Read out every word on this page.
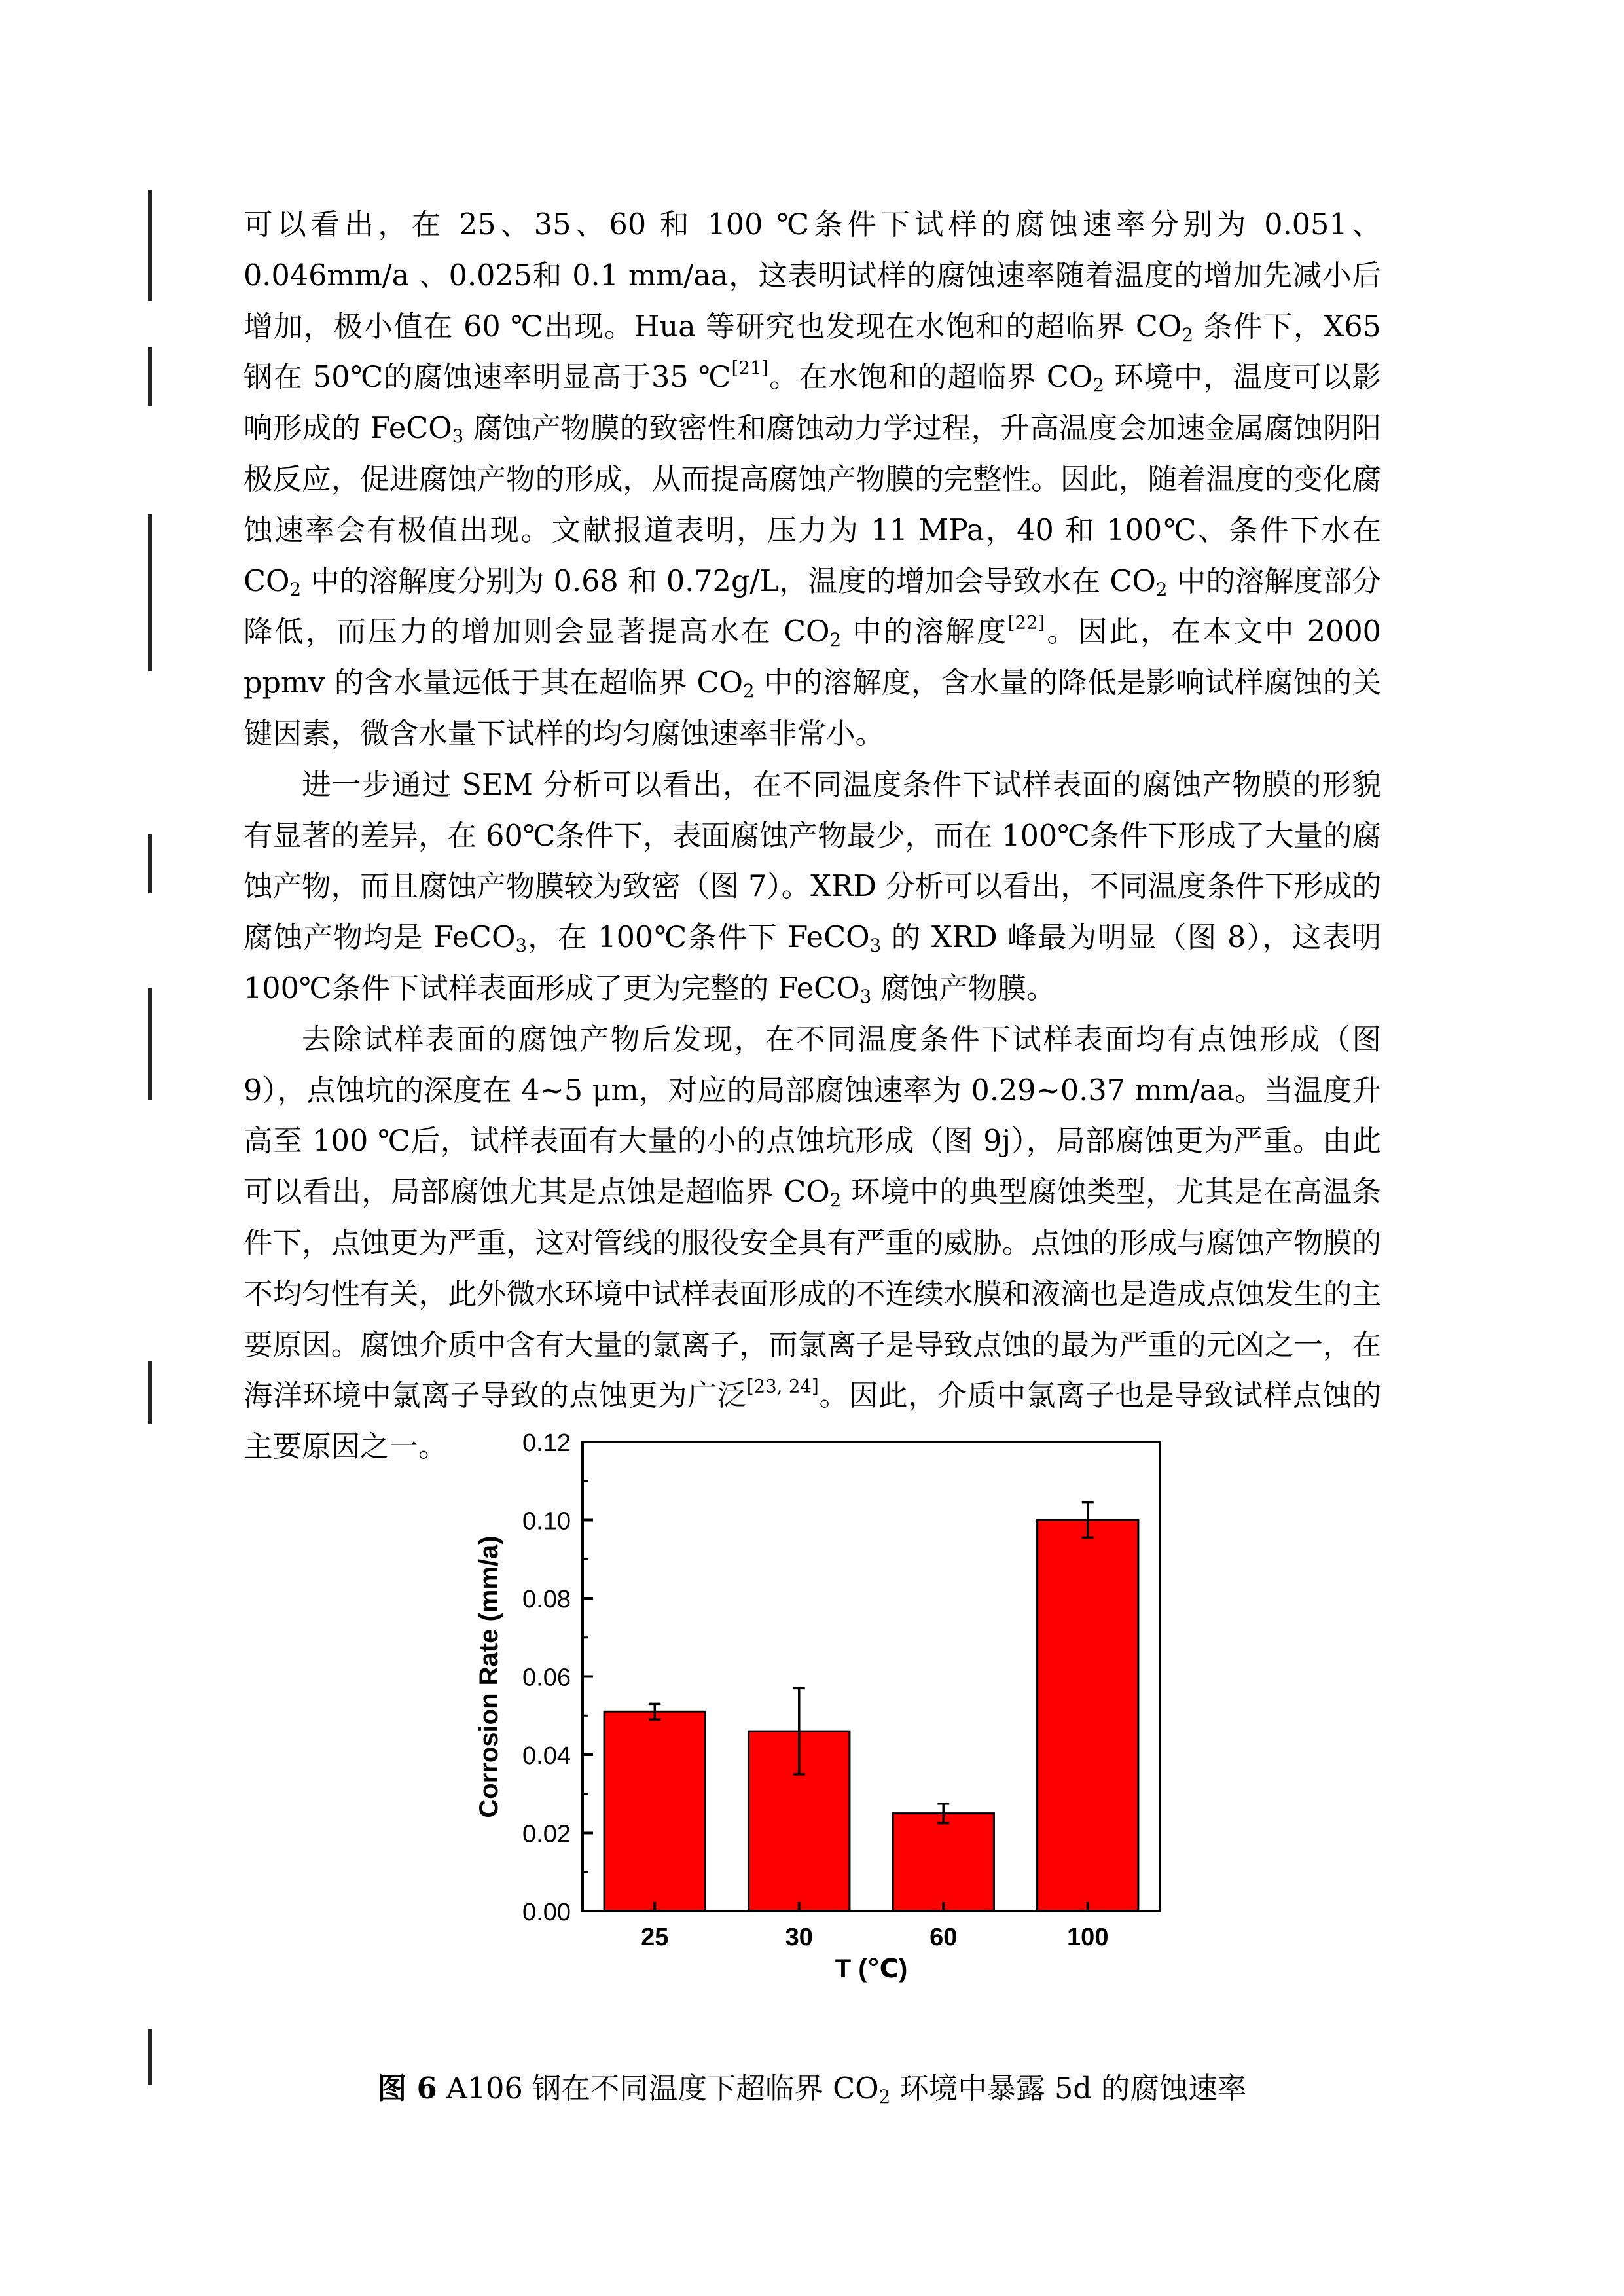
可以看出，在 25、35、60 和 100 ℃条件下试样的腐蚀速率分别为 0.051、0.046mm/a 、0.025和 0.1 mm/aa，这表明试样的腐蚀速率随着温度的增加先减小后增加，极小值在 60 ℃出现。Hua 等研究也发现在水饱和的超临界 $CO_2$ 条件下，X65 钢在 50℃的腐蚀速率明显高于35 ℃[21]。在水饱和的超临界 $CO_2$ 环境中，温度可以影响形成的 FeCO$_3$ 腐蚀产物膜的致密性和腐蚀动力学过程，升高温度会加速金属腐蚀阴阳极反应，促进腐蚀产物的形成，从而提高腐蚀产物膜的完整性。因此，随着温度的变化腐蚀速率会有极值出现。文献报道表明，压力为 11 MPa，40 和 100℃、条件下水在 $CO_2$ 中的溶解度分别为 0.68 和 0.72g/L，温度的增加会导致水在 $CO_2$ 中的溶解度部分降低，而压力的增加则会显著提高水在 $CO_2$ 中的溶解度[22]。因此，在本文中 2000 ppmv 的含水量远低于其在超临界 $CO_2$ 中的溶解度，含水量的降低是影响试样腐蚀的关键因素，微含水量下试样的均匀腐蚀速率非常小。

进一步通过 SEM 分析可以看出，在不同温度条件下试样表面的腐蚀产物膜的形貌有显著的差异，在 60℃条件下，表面腐蚀产物最少，而在 100℃条件下形成了大量的腐蚀产物，而且腐蚀产物膜较为致密（图 7）。XRD 分析可以看出，不同温度条件下形成的腐蚀产物均是 FeCO$_3$，在 100℃条件下 FeCO$_3$ 的 XRD 峰最为明显（图 8），这表明 100℃条件下试样表面形成了更为完整的 FeCO$_3$ 腐蚀产物膜。

去除试样表面的腐蚀产物后发现，在不同温度条件下试样表面均有点蚀形成（图 9），点蚀坑的深度在 4~5 μm，对应的局部腐蚀速率为 0.29~0.37 mm/aa。当温度升高至 100 ℃后，试样表面有大量的小的点蚀坑形成（图 9j），局部腐蚀更为严重。由此可以看出，局部腐蚀尤其是点蚀是超临界 $CO_2$ 环境中的典型腐蚀类型，尤其是在高温条件下，点蚀更为严重，这对管线的服役安全具有严重的威胁。点蚀的形成与腐蚀产物膜的不均匀性有关，此外微水环境中试样表面形成的不连续水膜和液滴也是造成点蚀发生的主要原因。腐蚀介质中含有大量的氯离子，而氯离子是导致点蚀的最为严重的元凶之一，在海洋环境中氯离子导致的点蚀更为广泛[23, 24]。因此，介质中氯离子也是导致试样点蚀的主要原因之一。

0.00
0.02
0.04
0.06
0.08
0.10
0.12
25	30	60	100
T (℃)
Corrosion Rate (mm/a)
图 6 A106 钢在不同温度下超临界 $CO_2$ 环境中暴露 5d 的腐蚀速率
